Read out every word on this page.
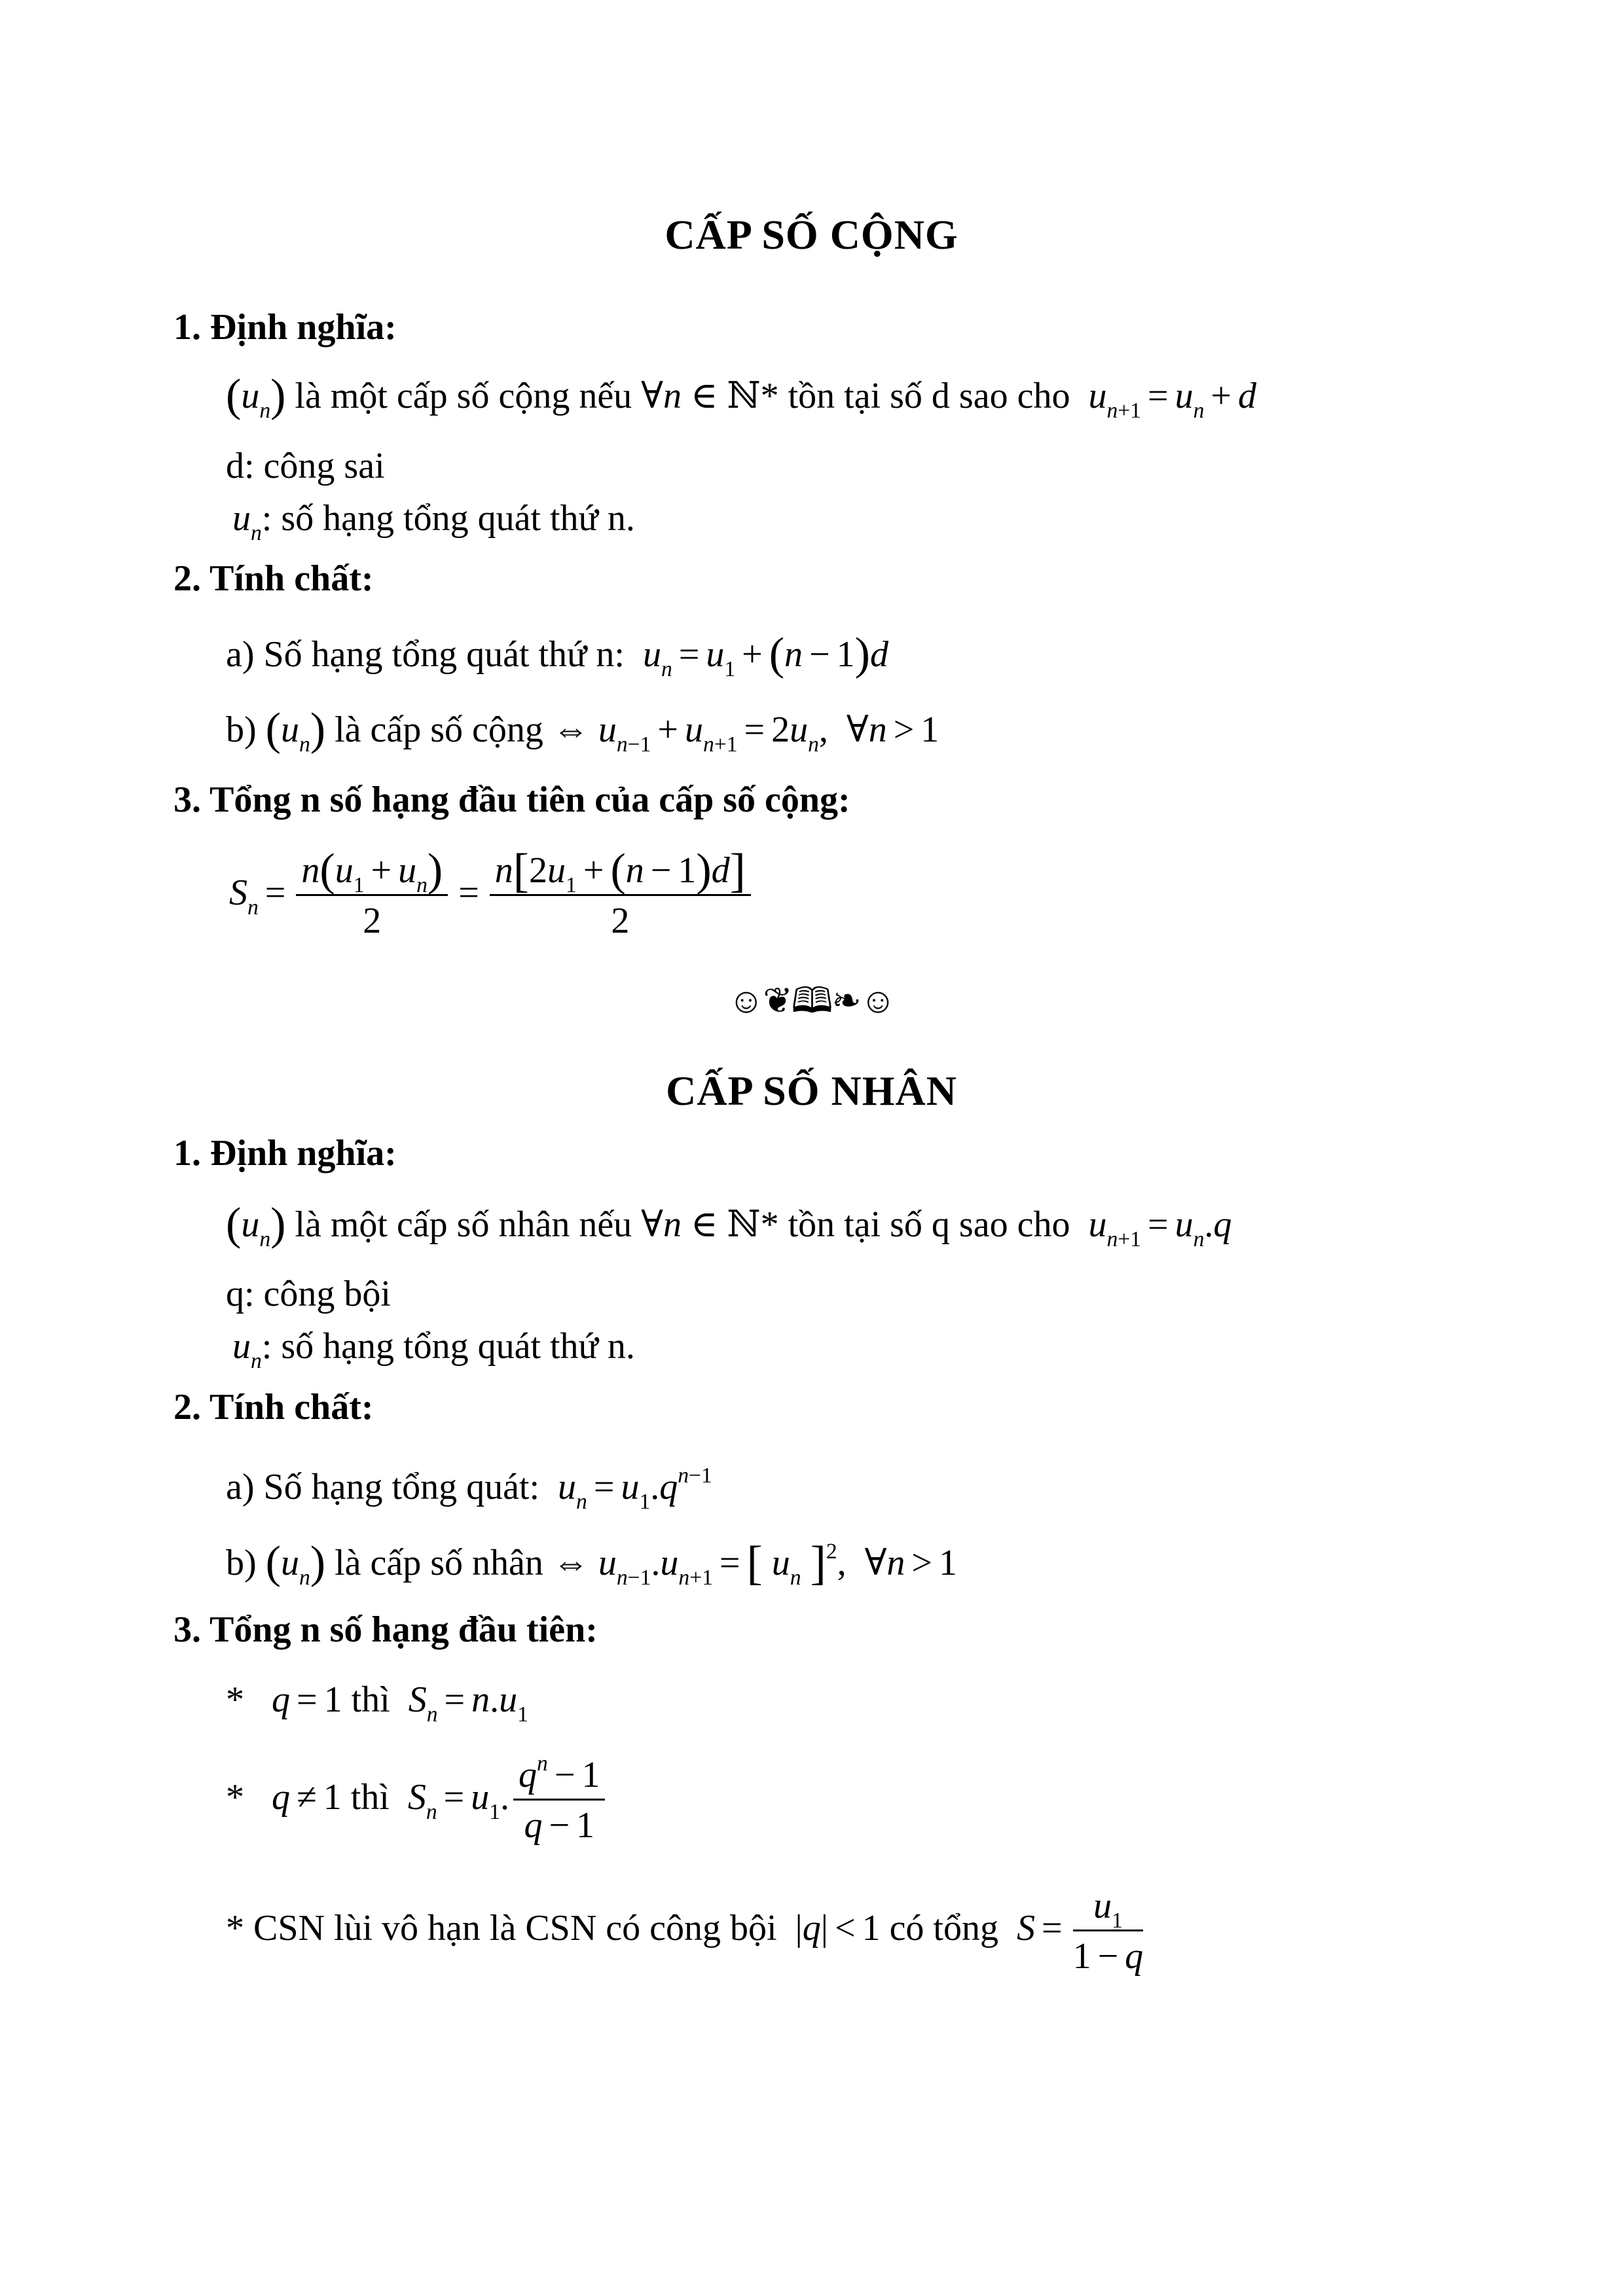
CẤP SỐ CỘNG
1. Định nghĩa:
$(u_n)$ là một cấp số cộng nếu ∀n ∈ ℕ* tồn tại số d sao cho  $u_{n+1} = u_n + d$
d: công sai
$u_n$: số hạng tổng quát thứ n.
2. Tính chất:
a) Số hạng tổng quát thứ n:  $u_n = u_1 + (n - 1)d$
b) $(u_n)$ là cấp số cộng ⇔ $u_{n-1} + u_{n+1} = 2u_n$, ∀n > 1
3. Tổng n số hạng đầu tiên của cấp số cộng:
$S_n = \frac{n(u_1 + u_n)}{2} = \frac{n[2u_1 + (n - 1)d]}{2}$
☺❦🕮❧☺
CẤP SỐ NHÂN
1. Định nghĩa:
$(u_n)$ là một cấp số nhân nếu ∀n ∈ ℕ* tồn tại số q sao cho  $u_{n+1} = u_n.q$
q: công bội
$u_n$: số hạng tổng quát thứ n.
2. Tính chất:
a) Số hạng tổng quát:  $u_n = u_1.q^{n-1}$
b) $(u_n)$ là cấp số nhân ⇔ $u_{n-1}.u_{n+1}$ = [ $u_n$ ]$^2$, ∀n > 1
3. Tổng n số hạng đầu tiên:
* q = 1 thì  $S_n = n.u_1$
* q ≠ 1 thì  $S_n = u_1$. $\frac{q^n - 1}{q - 1}$
* CSN lùi vô hạn là CSN có công bội |q| < 1 có tổng  $S = \frac{u_1}{1 - q}$
